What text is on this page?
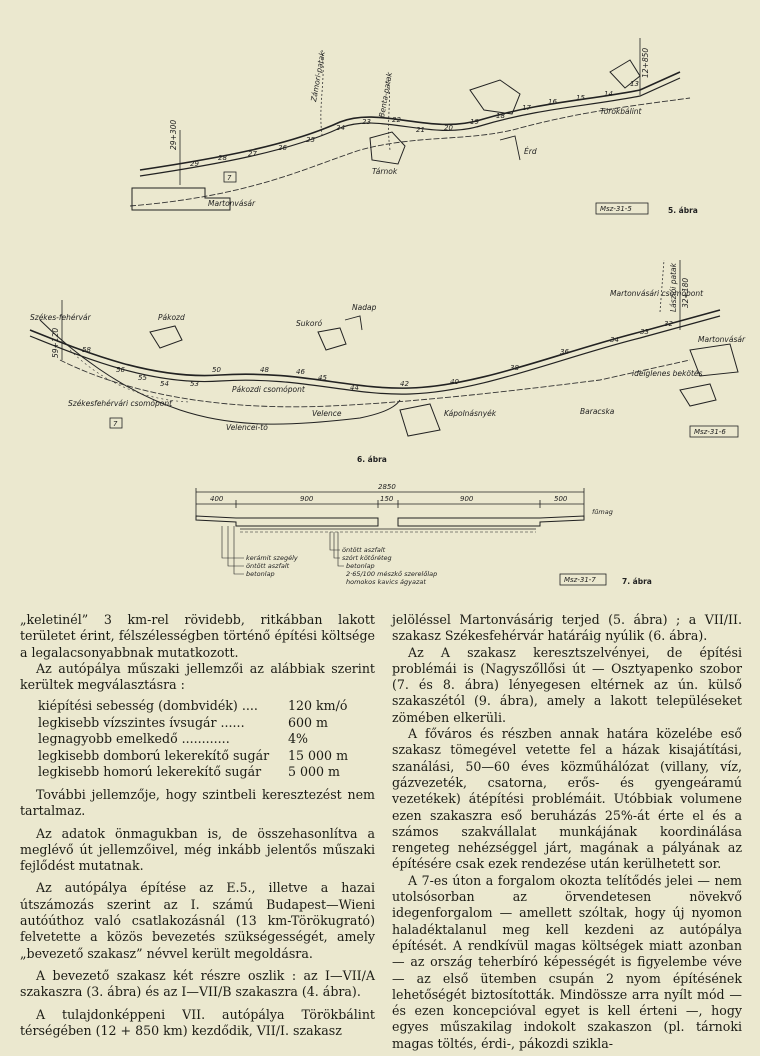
29
28	27
26
25
24
23	22
21	20
19
18
17
16	15	14
13
Martonvásár
Tárnok
Érd
Törökbálint
Zámori-patak	Benta-patak
29+300
12+850
7
Msz-31-5	5. ábra
58
56
55
54	53
50	48	46
45
44	42	40
38
36
34
33
32
Székes-fehérvár	Pákozd
Sukoró
Nadap
Pákozdi csomópont
Székesfehérvári csomópont
Velence
Velencei-tó
Kápolnásnyék
Martonvásári csomópont
Martonvásár
Baracska
Lászlói patak
ideiglenes bekötés
59+120
32+180
7
Msz-31-6
6. ábra
2850
400	900	150	900	500
fűmag
kerámit szegély
öntött aszfalt
betonlap
öntött aszfalt
szórt kötőréteg
betonlap
2·65/100 mészkő szerelőlap
homokos kavics ágyazat	Msz-31-7	7. ábra

„keletinél” 3 km-rel rövidebb, ritkábban lakott területet érint, félszélességben történő építési költsége a legalacsonyabbnak mutatkozott.

Az autópálya műszaki jellemzői az alábbiak szerint kerültek megválasztásra :

kiépítési sebesség (dombvidék) ....	120 km/ó
legkisebb vízszintes ívsugár ......	600 m
legnagyobb emelkedő ............	4%
legkisebb domború lekerekítő sugár	15 000 m
legkisebb homorú lekerekítő sugár	5 000 m

További jellemzője, hogy szintbeli keresztezést nem tartalmaz.

Az adatok önmagukban is, de összehasonlítva a meglévő út jellemzőivel, még inkább jelentős műszaki fejlődést mutatnak.

Az autópálya építése az E.5., illetve a hazai útszámozás szerint az I. számú Budapest—Wieni autóúthoz való csatlakozásnál (13 km-Törökugrató) felvetette a közös bevezetés szükségességét, amely „bevezető szakasz” névvel került megoldásra.

A bevezető szakasz két részre oszlik : az I—VII/A szakaszra (3. ábra) és az I—VII/B szakaszra (4. ábra).

A tulajdonképpeni VII. autópálya Törökbálint térségében (12 + 850 km) kezdődik, VII/I. szakasz

jelöléssel Martonvásárig terjed (5. ábra) ; a VII/II. szakasz Székesfehérvár határáig nyúlik (6. ábra).

Az A szakasz keresztszelvényei, de építési problémái is (Nagyszőllősi út — Osztyapenko szobor (7. és 8. ábra) lényegesen eltérnek az ún. külső szakaszétól (9. ábra), amely a lakott településeket zömében elkerüli.

A főváros és részben annak határa közelébe eső szakasz tömegével vetette fel a házak kisajátítási, szanálási, 50—60 éves közműhálózat (villany, víz, gázvezeték, csatorna, erős- és gyengeáramú vezetékek) átépítési problémáit. Utóbbiak volumene ezen szakaszra eső beruházás 25%-át érte el és a számos szakvállalat munkájának koordinálása rengeteg nehézséggel járt, magának a pályának az építésére csak ezek rendezése után kerülhetett sor.

A 7-es úton a forgalom okozta telítődés jelei — nem utolsósorban az örvendetesen növekvő idegenforgalom — amellett szóltak, hogy új nyomon haladéktalanul meg kell kezdeni az autópálya építését. A rendkívül magas költségek miatt azonban — az ország teherbíró képességét is figyelembe véve — az első ütemben csupán 2 nyom építésének lehetőségét biztosították. Mindössze arra nyílt mód — és ezen koncepcióval egyet is kell érteni —, hogy egyes műszakilag indokolt szakaszon (pl. tárnoki magas töltés, érdi-, pákozdi szikla-
